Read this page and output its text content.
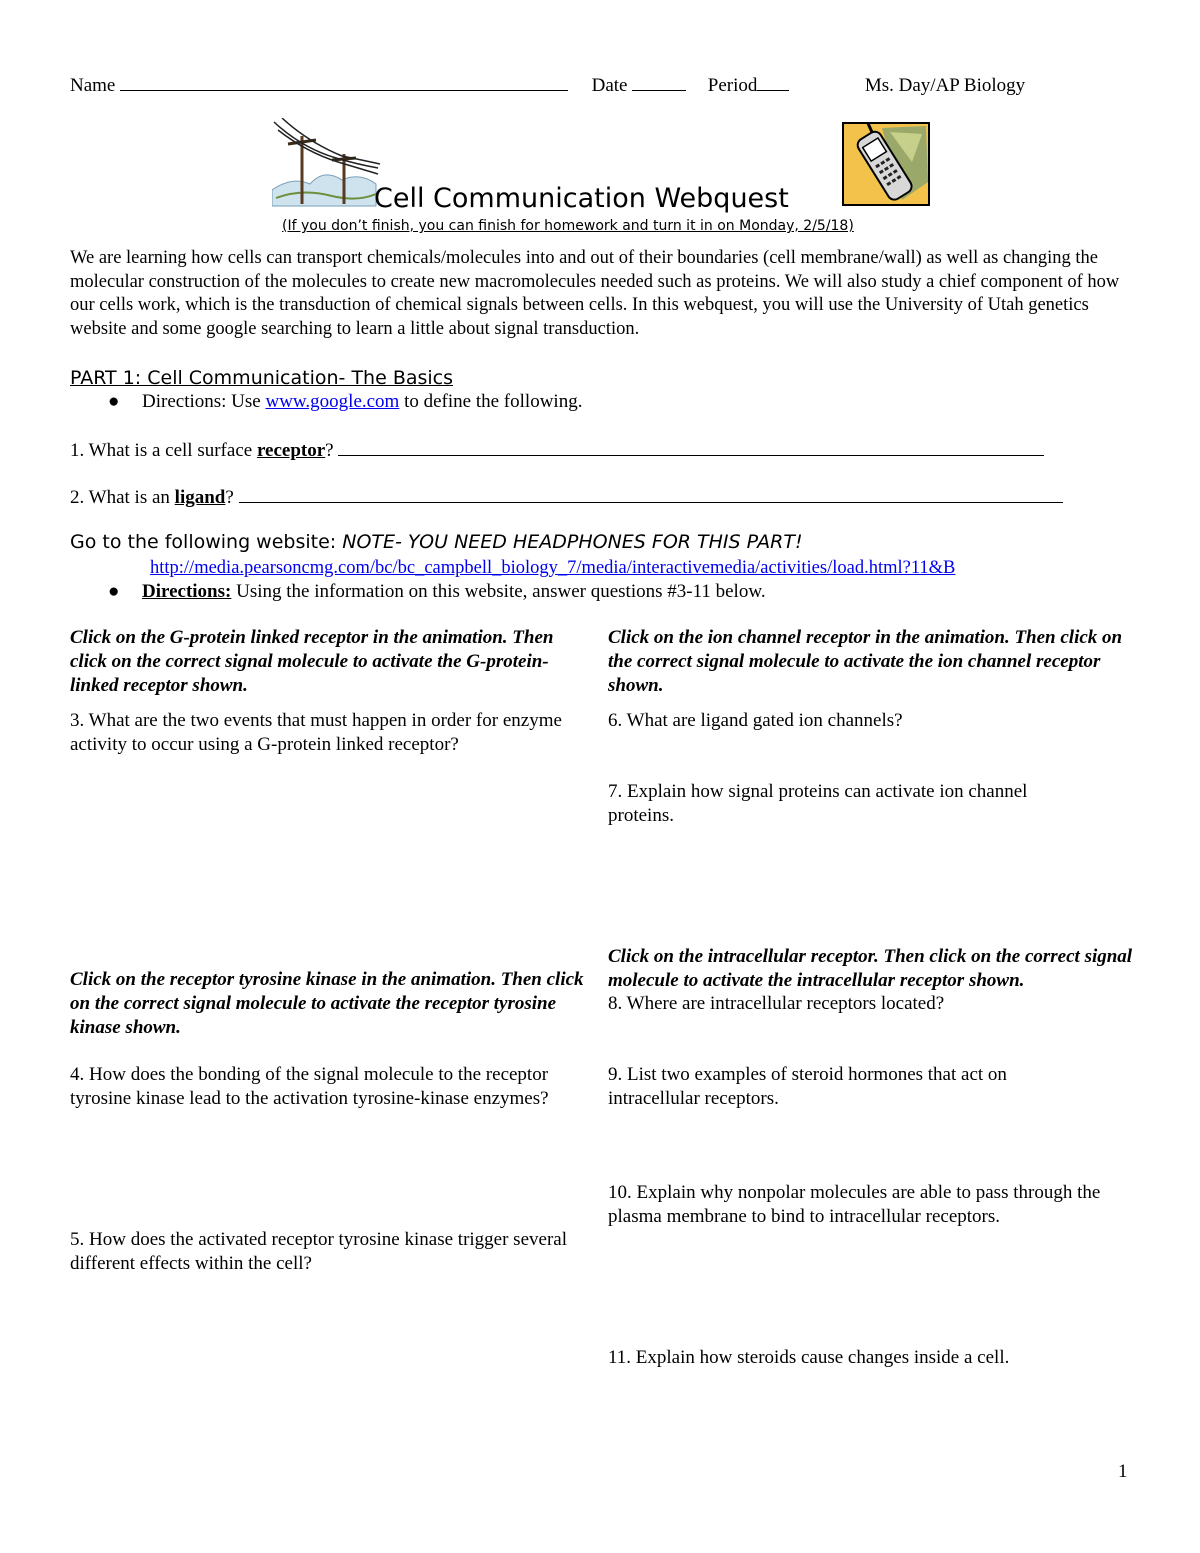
Name	Date	Period	Ms. Day/AP Biology
Cell Communication Webquest
(If you don’t finish, you can finish for homework and turn it in on Monday, 2/5/18)
We are learning how cells can transport chemicals/molecules into and out of their boundaries (cell membrane/wall) as well as changing the molecular construction of the molecules to create new macromolecules needed such as proteins. We will also study a chief component of how our cells work, which is the transduction of chemical signals between cells. In this webquest, you will use the University of Utah genetics website and some google searching to learn a little about signal transduction.
PART 1: Cell Communication- The Basics
● Directions: Use www.google.com to define the following.
1. What is a cell surface receptor?
2. What is an ligand?
Go to the following website: NOTE- YOU NEED HEADPHONES FOR THIS PART!
http://media.pearsoncmg.com/bc/bc_campbell_biology_7/media/interactivemedia/activities/load.html?11&B
● Directions: Using the information on this website, answer questions #3-11 below.
Click on the G-protein linked receptor in the animation. Then click on the correct signal molecule to activate the G-protein-linked receptor shown.
3. What are the two events that must happen in order for enzyme activity to occur using a G-protein linked receptor?
Click on the receptor tyrosine kinase in the animation. Then click on the correct signal molecule to activate the receptor tyrosine kinase shown.
4. How does the bonding of the signal molecule to the receptor tyrosine kinase lead to the activation tyrosine-kinase enzymes?
5. How does the activated receptor tyrosine kinase trigger several different effects within the cell?
Click on the ion channel receptor in the animation. Then click on the correct signal molecule to activate the ion channel receptor shown.
6. What are ligand gated ion channels?
7. Explain how signal proteins can activate ion channel proteins.
Click on the intracellular receptor. Then click on the correct signal molecule to activate the intracellular receptor shown.
8. Where are intracellular receptors located?
9. List two examples of steroid hormones that act on intracellular receptors.
10. Explain why nonpolar molecules are able to pass through the plasma membrane to bind to intracellular receptors.
11. Explain how steroids cause changes inside a cell.
1
